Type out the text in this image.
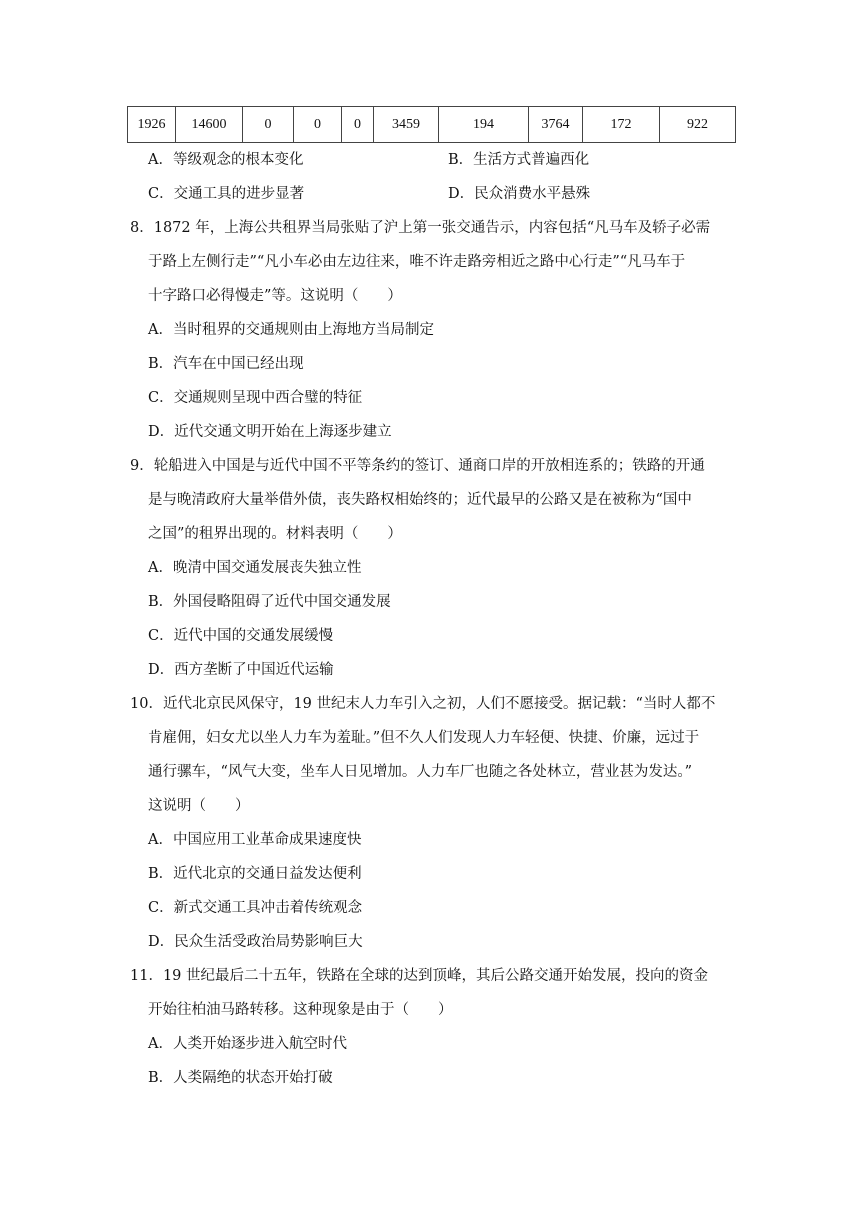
1926	14600	0	0	0	3459	194	3764	172	922
A．等级观念的根本变化	B．生活方式普遍西化
C．交通工具的进步显著	D．民众消费水平悬殊
8．1872 年，上海公共租界当局张贴了沪上第一张交通告示，内容包括“凡马车及轿子必需
于路上左侧行走”“凡小车必由左边往来，唯不许走路旁相近之路中心行走”“凡马车于
十字路口必得慢走”等。这说明（　　）
A．当时租界的交通规则由上海地方当局制定
B．汽车在中国已经出现
C．交通规则呈现中西合璧的特征
D．近代交通文明开始在上海逐步建立
9．轮船进入中国是与近代中国不平等条约的签订、通商口岸的开放相连系的；铁路的开通
是与晚清政府大量举借外债，丧失路权相始终的；近代最早的公路又是在被称为“国中
之国”的租界出现的。材料表明（　　）
A．晚清中国交通发展丧失独立性
B．外国侵略阻碍了近代中国交通发展
C．近代中国的交通发展缓慢
D．西方垄断了中国近代运输
10．近代北京民风保守，19 世纪末人力车引入之初，人们不愿接受。据记载：“当时人都不
肯雇佣，妇女尤以坐人力车为羞耻。”但不久人们发现人力车轻便、快捷、价廉，远过于
通行骡车，“风气大变，坐车人日见增加。人力车厂也随之各处林立，营业甚为发达。”
这说明（　　）
A．中国应用工业革命成果速度快
B．近代北京的交通日益发达便利
C．新式交通工具冲击着传统观念
D．民众生活受政治局势影响巨大
11．19 世纪最后二十五年，铁路在全球的达到顶峰，其后公路交通开始发展，投向的资金
开始往柏油马路转移。这种现象是由于（　　）
A．人类开始逐步进入航空时代
B．人类隔绝的状态开始打破
